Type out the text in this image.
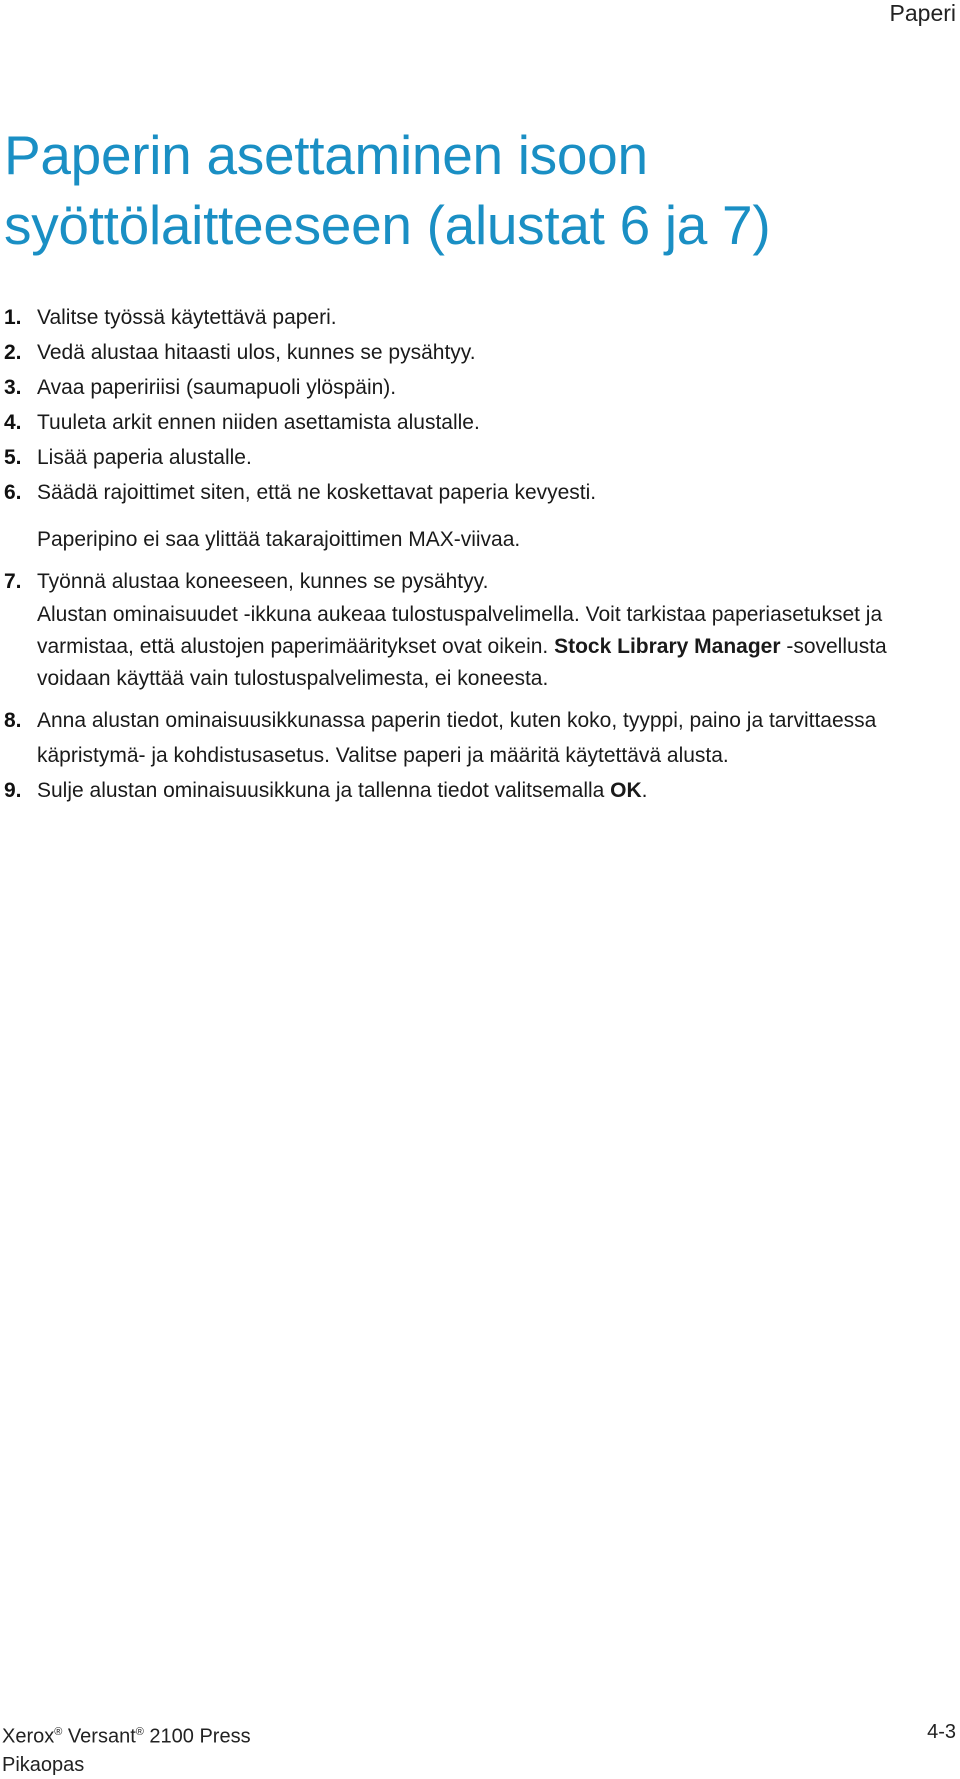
Paperi
Paperin asettaminen isoon
syöttölaitteeseen (alustat 6 ja 7)
1. Valitse työssä käytettävä paperi.
2. Vedä alustaa hitaasti ulos, kunnes se pysähtyy.
3. Avaa papeririisi (saumapuoli ylöspäin).
4. Tuuleta arkit ennen niiden asettamista alustalle.
5. Lisää paperia alustalle.
6. Säädä rajoittimet siten, että ne koskettavat paperia kevyesti.
Paperipino ei saa ylittää takarajoittimen MAX-viivaa.
7. Työnnä alustaa koneeseen, kunnes se pysähtyy.
Alustan ominaisuudet -ikkuna aukeaa tulostuspalvelimella. Voit tarkistaa paperiasetukset ja varmistaa, että alustojen paperimääritykset ovat oikein. Stock Library Manager -sovellusta voidaan käyttää vain tulostuspalvelimesta, ei koneesta.
8. Anna alustan ominaisuusikkunassa paperin tiedot, kuten koko, tyyppi, paino ja tarvittaessa käpristymä- ja kohdistusasetus. Valitse paperi ja määritä käytettävä alusta.
9. Sulje alustan ominaisuusikkuna ja tallenna tiedot valitsemalla OK.
Xerox® Versant® 2100 Press
Pikaopas
4-3
